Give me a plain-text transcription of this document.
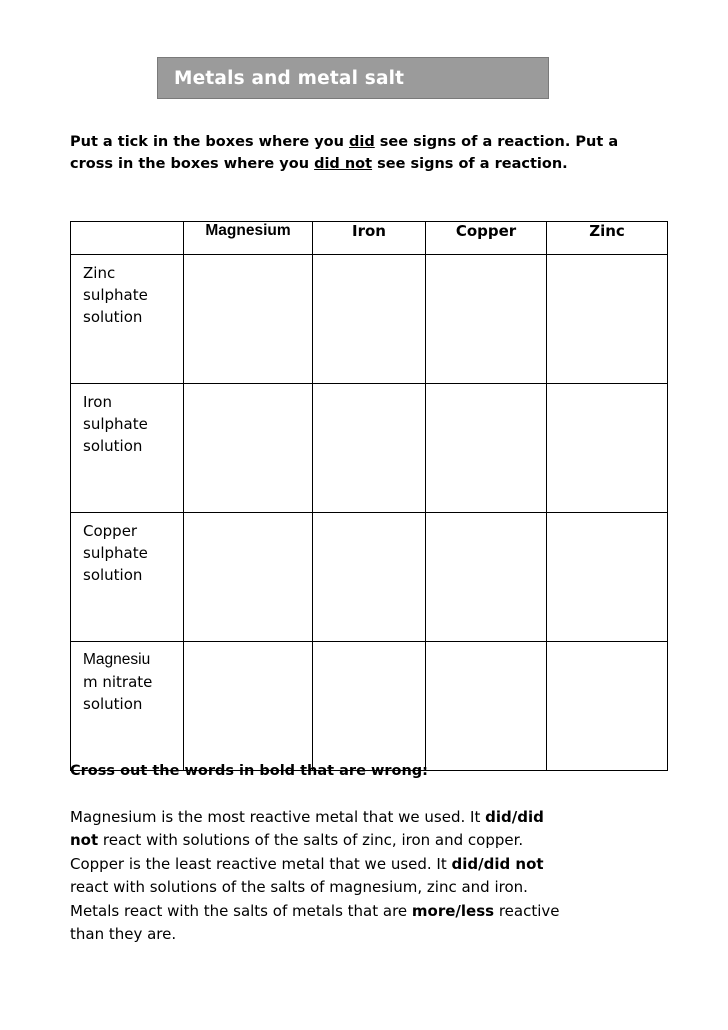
Metals and metal salt
Put a tick in the boxes where you did see signs of a reaction. Put a cross in the boxes where you did not see signs of a reaction.
	Magnesium	Iron	Copper	Zinc

Zinc
sulphate
solution				

Iron
sulphate
solution				

Copper
sulphate
solution				

Magnesiu
m nitrate
solution				

Cross out the words in bold that are wrong:
Magnesium is the most reactive metal that we used. It did/did not react with solutions of the salts of zinc, iron and copper. Copper is the least reactive metal that we used. It did/did not react with solutions of the salts of magnesium, zinc and iron. Metals react with the salts of metals that are more/less reactive than they are.
